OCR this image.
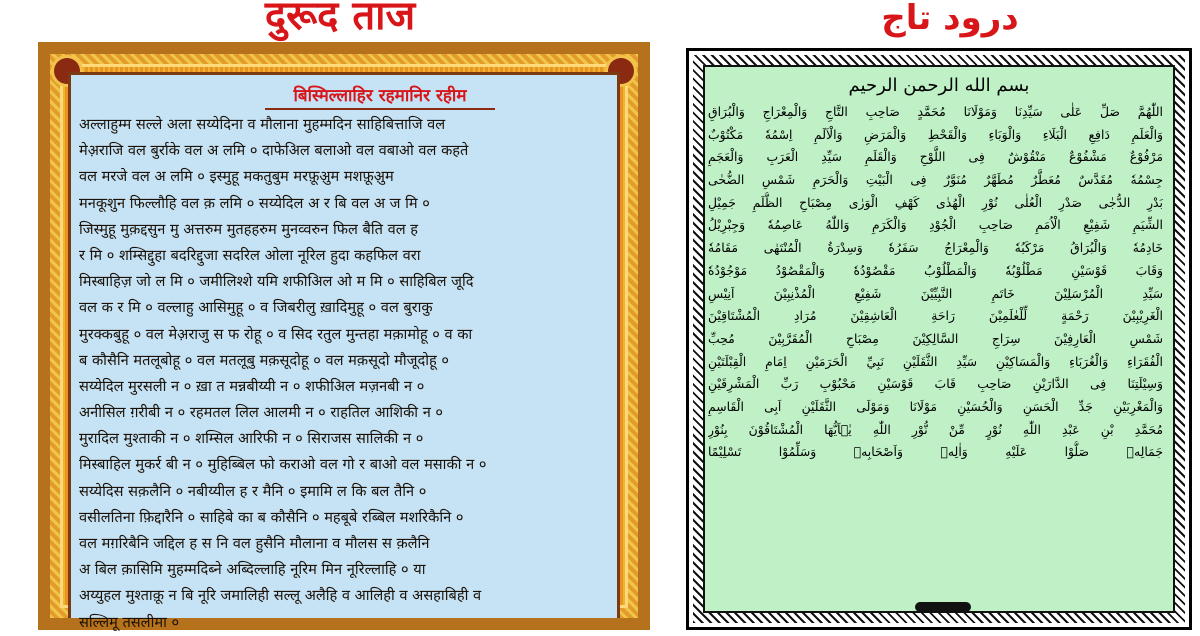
दुरूद ताज
बिस्मिल्लाहिर रहमानिर रहीम
अल्लाहुम्म सल्ले अला सय्येदिना व मौलाना मुहम्मदिन साहिबित्ताजि वल
मेअ़राजि वल बुर्राके वल अ लमि ० दाफेअिल बलाओ वल वबाओ वल कहते
वल मरजे वल अ लमि ० इस्मुहू मकतुबुम मरफ़ूअ़ुम मशफ़ूअ़ुम
मनकूशुन फिल्लौहि वल क़ लमि ० सय्येदिल अ र बि वल अ ज मि ०
जिस्मुहू मुक़द्दसुन मु अत्तरुम मुतहहरुम मुनव्वरुन फिल बैति वल ह
र मि ० शम्सिद्दुहा बदरिद्दुजा सदरिल ओला नूरिल हुदा कहफिल वरा
मिस्बाहिज़ जो ल मि ० जमीलिश्शे यमि शफीअिल ओ म मि ० साहिबिल जूदि
वल क र मि ० वल्लाहु आसिमुहू ० व जिबरीलु ख़ादिमुहू ० वल बुराकु
मुरक्कबुहू ० वल मेअ़राजु स फ रोहू ० व सिद रतुल मुन्तहा मक़ामोहू ० व का
ब कौसैनि मतलूबोहू ० वल मतलूबु मक़सूदोहू ० वल मक़सूदो मौजूदोहू ०
सय्येदिल मुरसली न ० ख़ा त मन्नबीय्यी न ० शफीअिल मज़नबी न ०
अनीसिल ग़रीबी न ० रहमतल लिल आलमी न ० राहतिल आशिकी न ०
मुरादिल मुश्ताकी न ० शम्सिल आरिफी न ० सिराजस सालिकी न ०
मिस्बाहिल मुकर्र बी न ० मुहिब्बिल फो कराओ वल गो र बाओ वल मसाकी न ०
सय्येदिस सक़लैनि ० नबीय्यील ह र मैनि ० इमामि ल कि बल तैनि ०
वसीलतिना फ़िद्दारैनि ० साहिबे का ब कौसैनि ० महबूबे रब्बिल मशरिकैनि ०
वल मग़रिबैनि जद्दिल ह स नि वल हुसैनि मौलाना व मौलस स क़लैनि
अ बिल क़ासिमि मुहम्मदिब्ने अब्दिल्लाहि नूरिम मिन नूरिल्लाहि ० या
अय्युहल मुश्ताक़ू न बि नूरि जमालिही सल्लू अलैहि व आलिही व असहाबिही व
सल्लिमू तसलीमा ०
درود تاج
بسم الله الرحمن الرحيم
اللّٰهُمَّ صَلِّ عَلٰى سَيِّدِنَا وَمَوْلَانَا مُحَمَّدٍ صَاحِبِ التَّاجِ وَالْمِعْرَاجِ وَالْبُرَاقِ
وَالْعَلَمِ دَافِعِ الْبَلَاءِ وَالْوَبَاءِ وَالْقَحْطِ وَالْمَرَضِ وَالْاَلَمِ اِسْمُهٗ مَكْتُوْبٌ
مَرْفُوْعٌ مَشْفُوْعٌ مَنْقُوْشٌ فِى اللَّوْحِ وَالْقَلَمِ سَيِّدِ الْعَرَبِ وَالْعَجَمِ
جِسْمُهٗ مُقَدَّسٌ مُعَطَّرٌ مُطَهَّرٌ مُنَوَّرٌ فِى الْبَيْتِ وَالْحَرَمِ شَمْسِ الضُّحٰى
بَدْرِ الدُّجٰى صَدْرِ الْعُلٰى نُوْرِ الْهُدٰى كَهْفِ الْوَرٰى مِصْبَاحِ الظُّلَمِ جَمِيْلِ
الشِّيَمِ شَفِيْعِ الْاُمَمِ صَاحِبِ الْجُوْدِ وَالْكَرَمِ وَاللّٰهُ عَاصِمُهٗ وَجِبْرِيْلُ
خَادِمُهٗ وَالْبُرَاقُ مَرْكَبُهٗ وَالْمِعْرَاجُ سَفَرُهٗ وَسِدْرَةُ الْمُنْتَهٰى مَقَامُهٗ
وَقَابَ قَوْسَيْنِ مَطْلُوْبُهٗ وَالْمَطْلُوْبُ مَقْصُوْدُهٗ وَالْمَقْصُوْدُ مَوْجُوْدُهٗ
سَيِّدِ الْمُرْسَلِيْنَ خَاتَمِ النَّبِيِّيْنَ شَفِيْعِ الْمُذْنِبِيْنَ اَنِيْسِ
الْغَرِيْبِيْنَ رَحْمَةٍ لِّلْعٰلَمِيْنَ رَاحَةِ الْعَاشِقِيْنَ مُرَادِ الْمُشْتَاقِيْنَ
شَمْسِ الْعَارِفِيْنَ سِرَاجِ السَّالِكِيْنَ مِصْبَاحِ الْمُقَرَّبِيْنَ مُحِبِّ
الْفُقَرَاءِ وَالْغُرَبَاءِ وَالْمَسَاكِيْنِ سَيِّدِ الثَّقَلَيْنِ نَبِيِّ الْحَرَمَيْنِ اِمَامِ الْقِبْلَتَيْنِ
وَسِيْلَتِنَا فِى الدَّارَيْنِ صَاحِبِ قَابَ قَوْسَيْنِ مَحْبُوْبِ رَبِّ الْمَشْرِقَيْنِ
وَالْمَغْرِبَيْنِ جَدِّ الْحَسَنِ وَالْحُسَيْنِ مَوْلَانَا وَمَوْلَى الثَّقَلَيْنِ اَبِى الْقَاسِمِ
مُحَمَّدِ بْنِ عَبْدِ اللّٰهِ نُوْرٍ مِّنْ نُّوْرِ اللّٰهِ يٰۤاَيُّهَا الْمُشْتَاقُوْنَ بِنُوْرِ
جَمَالِهٖ صَلُّوْا عَلَيْهِ وَاٰلِهٖ وَاَصْحَابِهٖ وَسَلِّمُوْا تَسْلِيْمًا
